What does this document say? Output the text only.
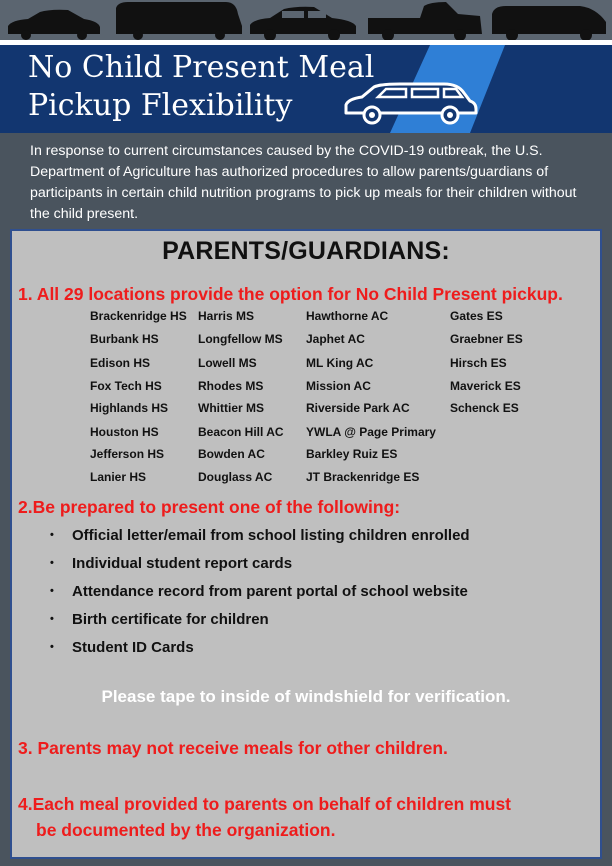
No Child Present Meal
Pickup Flexibility
In response to current circumstances caused by the COVID-19 outbreak, the U.S. Department of Agriculture has authorized procedures to allow parents/guardians of participants in certain child nutrition programs to pick up meals for their children without the child present.
PARENTS/GUARDIANS:
1. All 29 locations provide the option for No Child Present pickup.
Brackenridge HS
Burbank HS
Edison HS
Fox Tech HS
Highlands HS
Houston HS
Jefferson HS
Lanier HS
Harris MS
Longfellow MS
Lowell MS
Rhodes MS
Whittier MS
Beacon Hill AC
Bowden AC
Douglass AC
Hawthorne AC
Japhet AC
ML King AC
Mission AC
Riverside Park AC
YWLA @ Page Primary
Barkley Ruiz ES
JT Brackenridge ES
Gates ES
Graebner ES
Hirsch ES
Maverick ES
Schenck ES
2.Be prepared to present one of the following:
• Official letter/email from school listing children enrolled
• Individual student report cards
• Attendance record from parent portal of school website
• Birth certificate for children
• Student ID Cards
Please tape to inside of windshield for verification.
3. Parents may not receive meals for other children.
4.Each meal provided to parents on behalf of children must
be documented by the organization.
